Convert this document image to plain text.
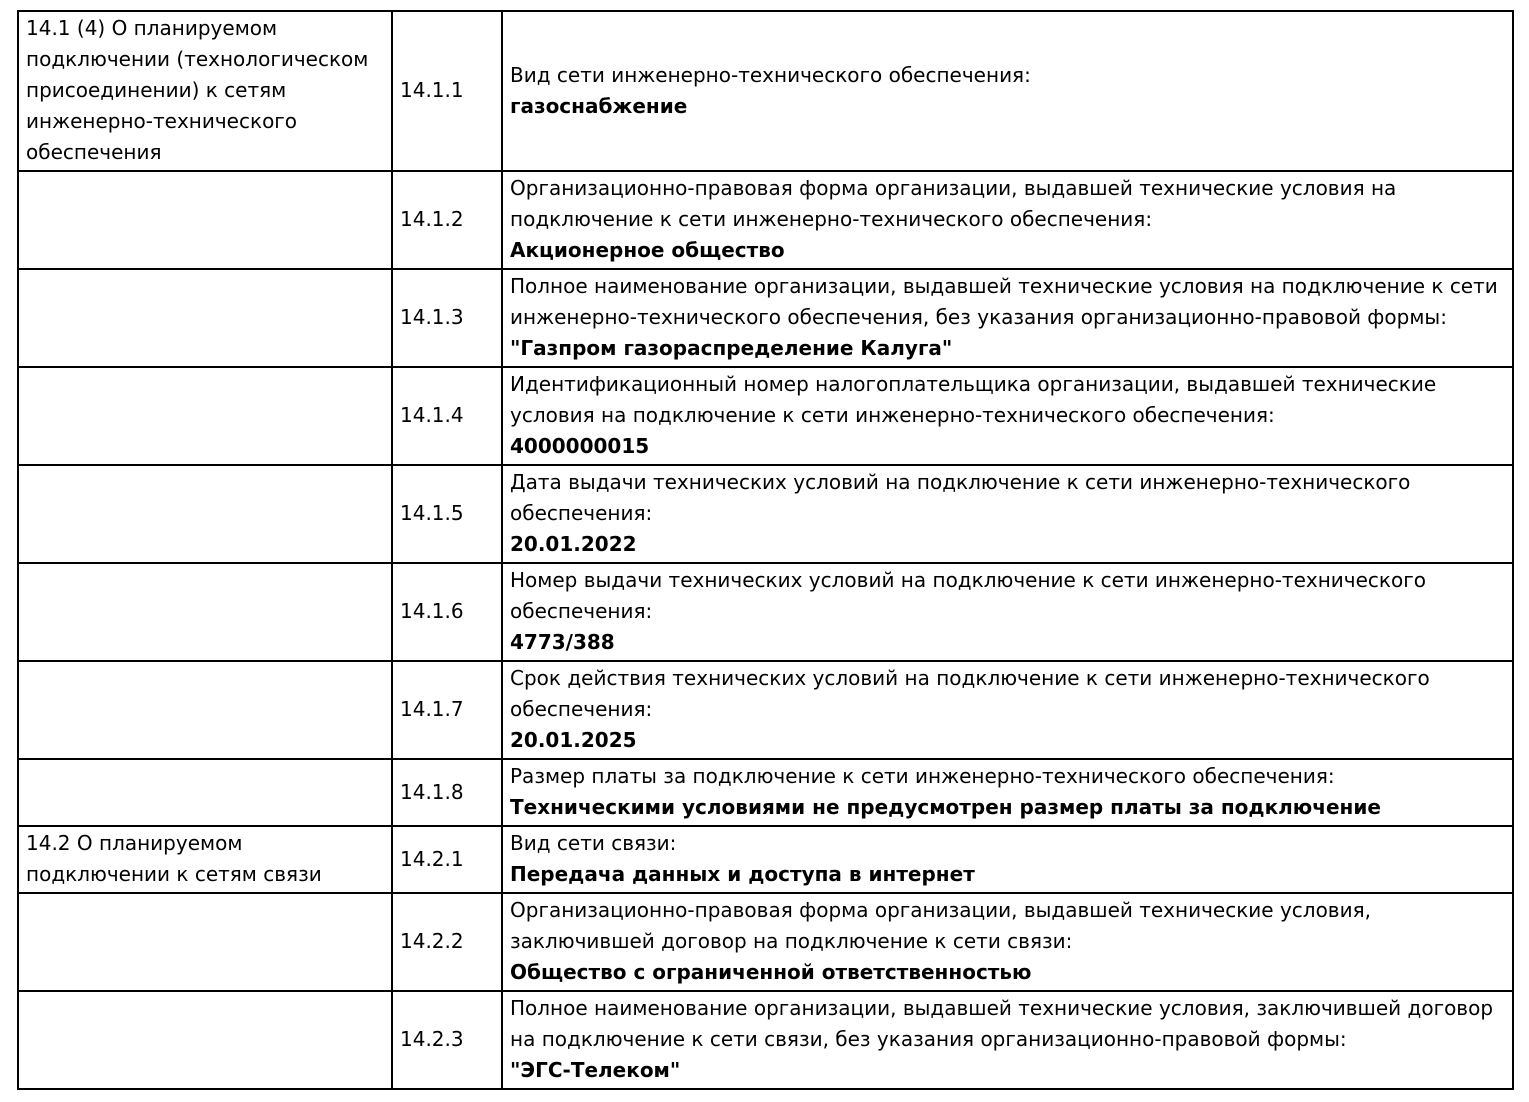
14.1 (4) О планируемом подключении (технологическом присоединении) к сетям инженерно-технического обеспечения	14.1.1	Вид сети инженерно-технического обеспечения:
газоснабжение

	14.1.2	Организационно-правовая форма организации, выдавшей технические условия на подключение к сети инженерно-технического обеспечения:
Акционерное общество

	14.1.3	Полное наименование организации, выдавшей технические условия на подключение к сети инженерно-технического обеспечения, без указания организационно-правовой формы:
"Газпром газораспределение Калуга"

	14.1.4	Идентификационный номер налогоплательщика организации, выдавшей технические условия на подключение к сети инженерно-технического обеспечения:
4000000015

	14.1.5	Дата выдачи технических условий на подключение к сети инженерно-технического обеспечения:
20.01.2022

	14.1.6	Номер выдачи технических условий на подключение к сети инженерно-технического обеспечения:
4773/388

	14.1.7	Срок действия технических условий на подключение к сети инженерно-технического обеспечения:
20.01.2025

	14.1.8	Размер платы за подключение к сети инженерно-технического обеспечения:
Техническими условиями не предусмотрен размер платы за подключение

14.2 О планируемом подключении к сетям связи	14.2.1	Вид сети связи:
Передача данных и доступа в интернет

	14.2.2	Организационно-правовая форма организации, выдавшей технические условия, заключившей договор на подключение к сети связи:
Общество с ограниченной ответственностью

	14.2.3	Полное наименование организации, выдавшей технические условия, заключившей договор на подключение к сети связи, без указания организационно-правовой формы:
"ЭГС-Телеком"
